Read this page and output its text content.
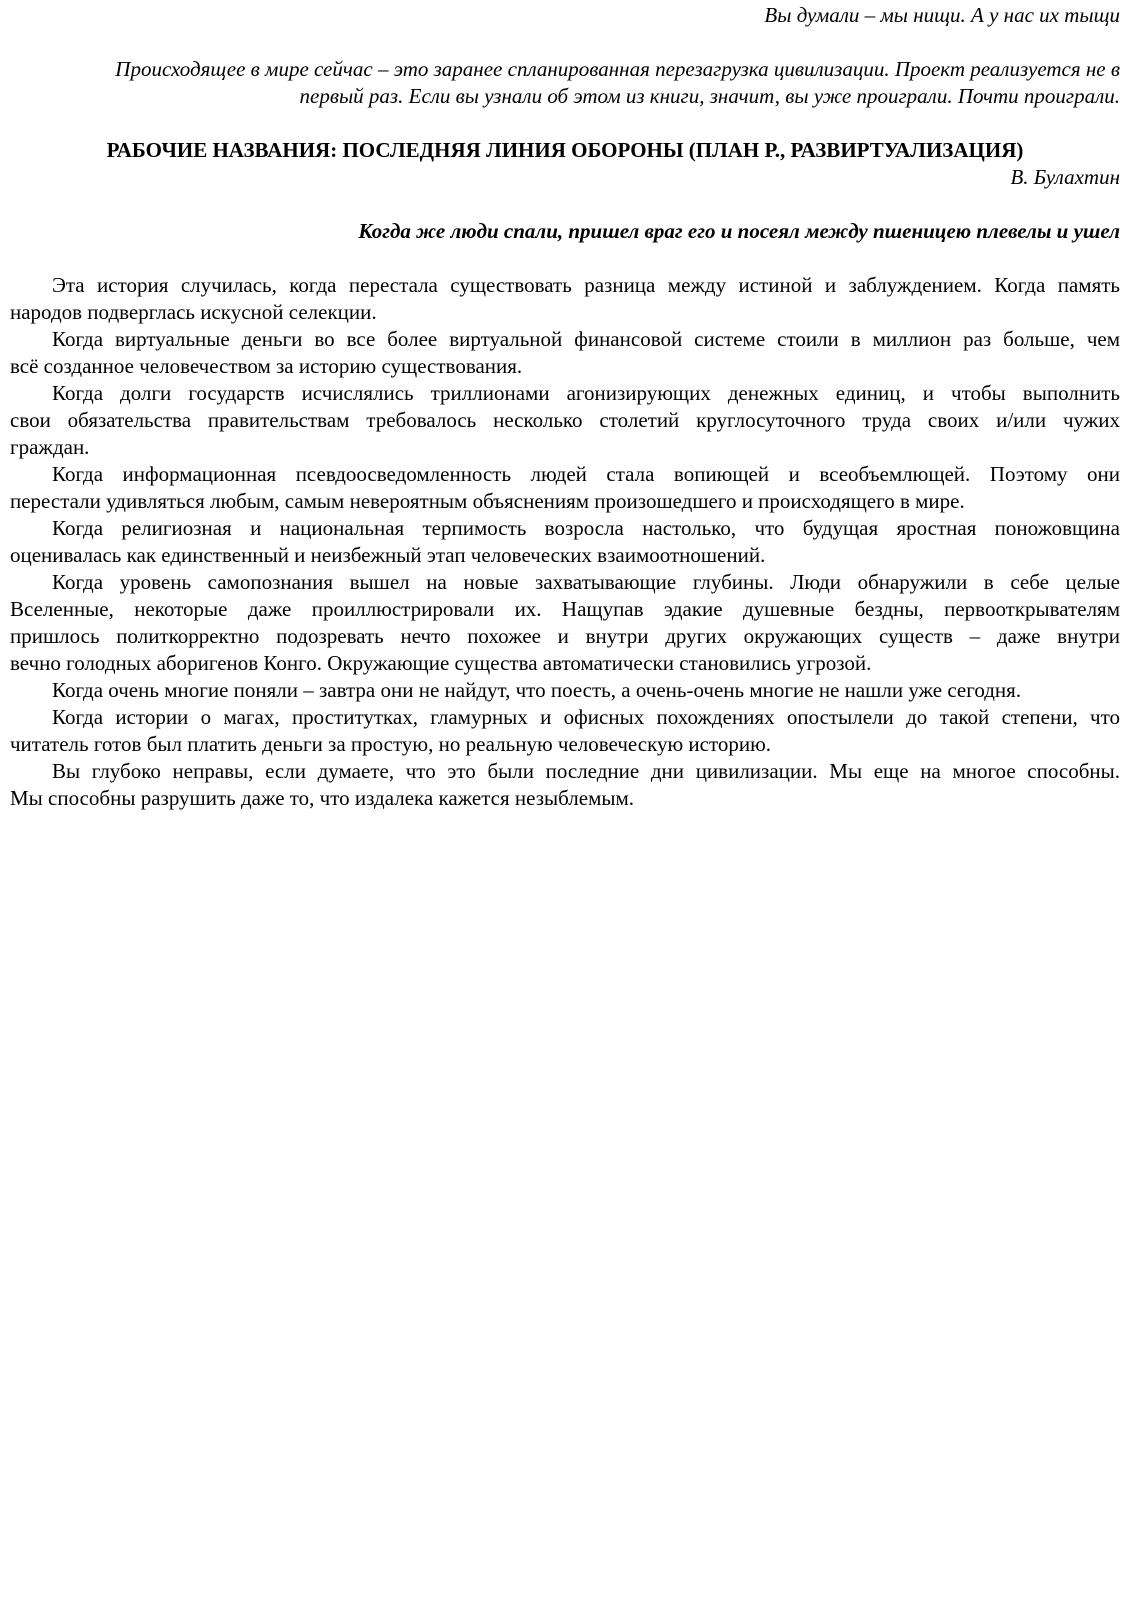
Вы думали – мы нищи. А у нас их тыщи
Происходящее в мире сейчас – это заранее спланированная перезагрузка цивилизации. Проект реализуется не в
первый раз. Если вы узнали об этом из книги, значит, вы уже проиграли. Почти проиграли.
РАБОЧИЕ НАЗВАНИЯ: ПОСЛЕДНЯЯ ЛИНИЯ ОБОРОНЫ (ПЛАН Р., РАЗВИРТУАЛИЗАЦИЯ)
В. Булахтин
Когда же люди спали, пришел враг его и посеял между пшеницею плевелы и ушел
Эта история случилась, когда перестала существовать разница между истиной и заблуждением. Когда память
народов подверглась искусной селекции.
Когда виртуальные деньги во все более виртуальной финансовой системе стоили в миллион раз больше, чем
всё созданное человечеством за историю существования.
Когда долги государств исчислялись триллионами агонизирующих денежных единиц, и чтобы выполнить
свои обязательства правительствам требовалось несколько столетий круглосуточного труда своих и/или чужих
граждан.
Когда информационная псевдоосведомленность людей стала вопиющей и всеобъемлющей. Поэтому они
перестали удивляться любым, самым невероятным объяснениям произошедшего и происходящего в мире.
Когда религиозная и национальная терпимость возросла настолько, что будущая яростная поножовщина
оценивалась как единственный и неизбежный этап человеческих взаимоотношений.
Когда уровень самопознания вышел на новые захватывающие глубины. Люди обнаружили в себе целые
Вселенные, некоторые даже проиллюстрировали их. Нащупав эдакие душевные бездны, первооткрывателям
пришлось политкорректно подозревать нечто похожее и внутри других окружающих существ – даже внутри
вечно голодных аборигенов Конго. Окружающие существа автоматически становились угрозой.
Когда очень многие поняли – завтра они не найдут, что поесть, а очень-очень многие не нашли уже сегодня.
Когда истории о магах, проститутках, гламурных и офисных похождениях опостылели до такой степени, что
читатель готов был платить деньги за простую, но реальную человеческую историю.
Вы глубоко неправы, если думаете, что это были последние дни цивилизации. Мы еще на многое способны.
Мы способны разрушить даже то, что издалека кажется незыблемым.
